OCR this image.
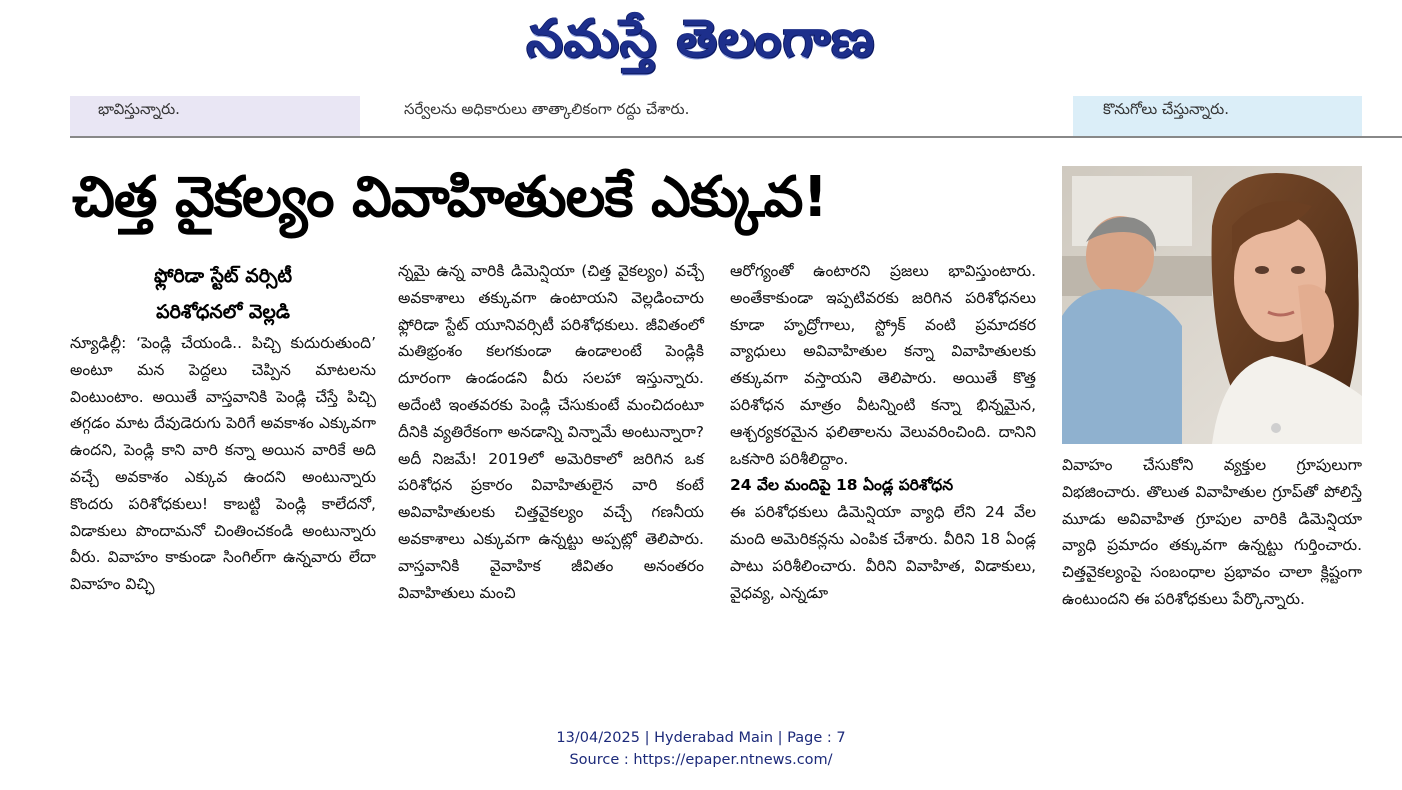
నమస్తే తెలంగాణ
భావిస్తున్నారు.	సర్వేలను అధికారులు తాత్కాలికంగా రద్దు చేశారు.	కొనుగోలు చేస్తున్నారు.
చిత్త వైకల్యం వివాహితులకే ఎక్కువ!
ఫ్లోరిడా స్టేట్ వర్సిటీ
పరిశోధనలో వెల్లడి

న్యూఢిల్లీ: ‘పెండ్లి చేయండి.. పిచ్చి కుదురుతుంది’ అంటూ మన పెద్దలు చెప్పిన మాటలను వింటుంటాం. అయితే వాస్తవానికి పెండ్లి చేస్తే పిచ్చి తగ్గడం మాట దేవుడెరుగు పెరిగే అవకాశం ఎక్కువగా ఉందని, పెండ్లి కాని వారి కన్నా అయిన వారికే అది వచ్చే అవకాశం ఎక్కువ ఉందని అంటున్నారు కొందరు పరిశోధకులు! కాబట్టి పెండ్లి కాలేదనో, విడాకులు పొందామనో చింతించకండి అంటున్నారు వీరు. వివాహం కాకుండా సింగిల్‌గా ఉన్నవారు లేదా వివాహం విచ్ఛి

న్నమై ఉన్న వారికి డిమెన్షియా (చిత్త వైకల్యం) వచ్చే అవకాశాలు తక్కువగా ఉంటాయని వెల్లడించారు ఫ్లోరిడా స్టేట్ యూనివర్సిటీ పరిశోధకులు. జీవితంలో మతిభ్రంశం కలగకుండా ఉండాలంటే పెండ్లికి దూరంగా ఉండండని వీరు సలహా ఇస్తున్నారు. అదేంటి ఇంతవరకు పెండ్లి చేసుకుంటే మంచిదంటూ దీనికి వ్యతిరేకంగా అనడాన్ని విన్నామే అంటున్నారా? అదీ నిజమే! 2019లో అమెరికాలో జరిగిన ఒక పరిశోధన ప్రకారం వివాహితులైన వారి కంటే అవివాహితులకు చిత్తవైకల్యం వచ్చే గణనీయ అవకాశాలు ఎక్కువగా ఉన్నట్టు అప్పట్లో తెలిపారు. వాస్తవానికి వైవాహిక జీవితం అనంతరం వివాహితులు మంచి

ఆరోగ్యంతో ఉంటారని ప్రజలు భావిస్తుంటారు. అంతేకాకుండా ఇప్పటివరకు జరిగిన పరిశోధనలు కూడా హృద్రోగాలు, స్ట్రోక్ వంటి ప్రమాదకర వ్యాధులు అవివాహితుల కన్నా వివాహితులకు తక్కువగా వస్తాయని తెలిపారు. అయితే కొత్త పరిశోధన మాత్రం వీటన్నింటి కన్నా భిన్నమైన, ఆశ్చర్యకరమైన ఫలితాలను వెలువరించింది. దానిని ఒకసారి పరిశీలిద్దాం.

24 వేల మందిపై 18 ఏండ్ల పరిశోధన

ఈ పరిశోధకులు డిమెన్షియా వ్యాధి లేని 24 వేల మంది అమెరికన్లను ఎంపిక చేశారు. వీరిని 18 ఏండ్ల పాటు పరిశీలించారు. వీరిని వివాహిత, విడాకులు, వైధవ్య, ఎన్నడూ

వివాహం చేసుకోని వ్యక్తుల గ్రూపులుగా విభజించారు. తొలుత వివాహితుల గ్రూప్‌తో పోలిస్తే మూడు అవివాహిత గ్రూపుల వారికి డిమెన్షియా వ్యాధి ప్రమాదం తక్కువగా ఉన్నట్టు గుర్తించారు. చిత్తవైకల్యంపై సంబంధాల ప్రభావం చాలా క్లిష్టంగా ఉంటుందని ఈ పరిశోధకులు పేర్కొన్నారు.

13/04/2025 | Hyderabad Main | Page : 7
Source : https://epaper.ntnews.com/
